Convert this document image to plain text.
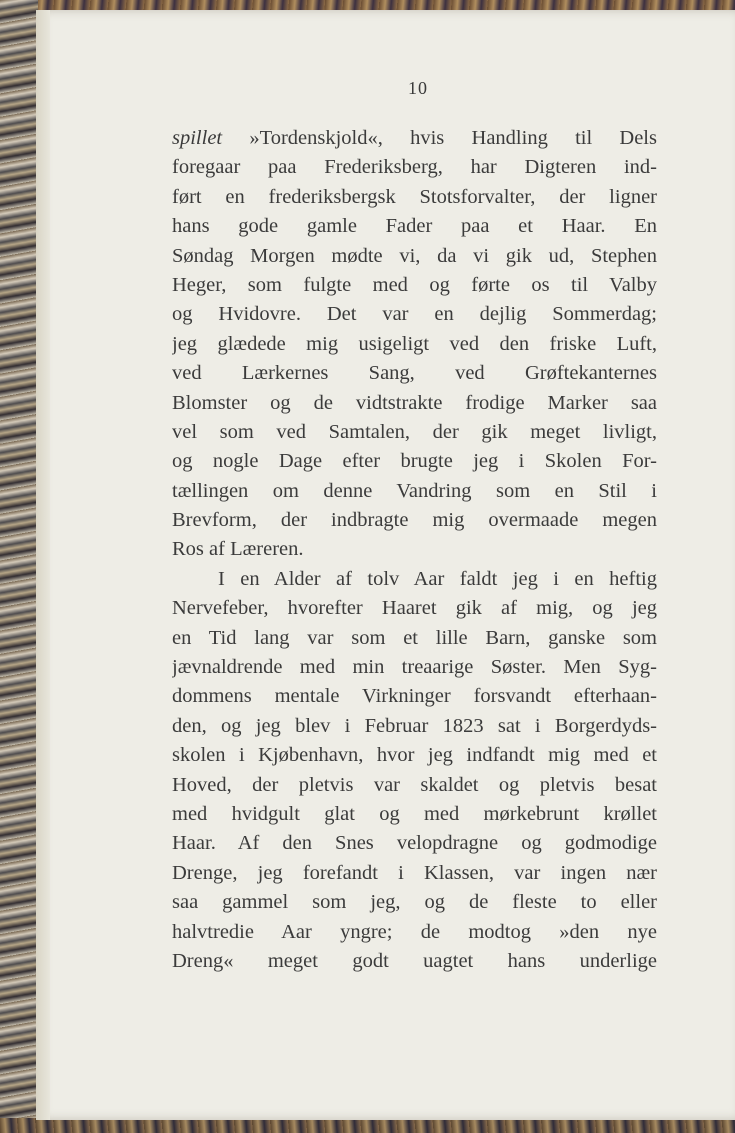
10
spillet »Tordenskjold«, hvis Handling til Dels
foregaar paa Frederiksberg, har Digteren ind-
ført en frederiksbergsk Stotsforvalter, der ligner
hans gode gamle Fader paa et Haar. En
Søndag Morgen mødte vi, da vi gik ud, Stephen
Heger, som fulgte med og førte os til Valby
og Hvidovre. Det var en dejlig Sommerdag;
jeg glædede mig usigeligt ved den friske Luft,
ved Lærkernes Sang, ved Grøftekanternes
Blomster og de vidtstrakte frodige Marker saa
vel som ved Samtalen, der gik meget livligt,
og nogle Dage efter brugte jeg i Skolen For-
tællingen om denne Vandring som en Stil i
Brevform, der indbragte mig overmaade megen
Ros af Læreren.
I en Alder af tolv Aar faldt jeg i en heftig
Nervefeber, hvorefter Haaret gik af mig, og jeg
en Tid lang var som et lille Barn, ganske som
jævnaldrende med min treaarige Søster. Men Syg-
dommens mentale Virkninger forsvandt efterhaan-
den, og jeg blev i Februar 1823 sat i Borgerdyds-
skolen i Kjøbenhavn, hvor jeg indfandt mig med et
Hoved, der pletvis var skaldet og pletvis besat
med hvidgult glat og med mørkebrunt krøllet
Haar. Af den Snes velopdragne og godmodige
Drenge, jeg forefandt i Klassen, var ingen nær
saa gammel som jeg, og de fleste to eller
halvtredie Aar yngre; de modtog »den nye
Dreng« meget godt uagtet hans underlige
